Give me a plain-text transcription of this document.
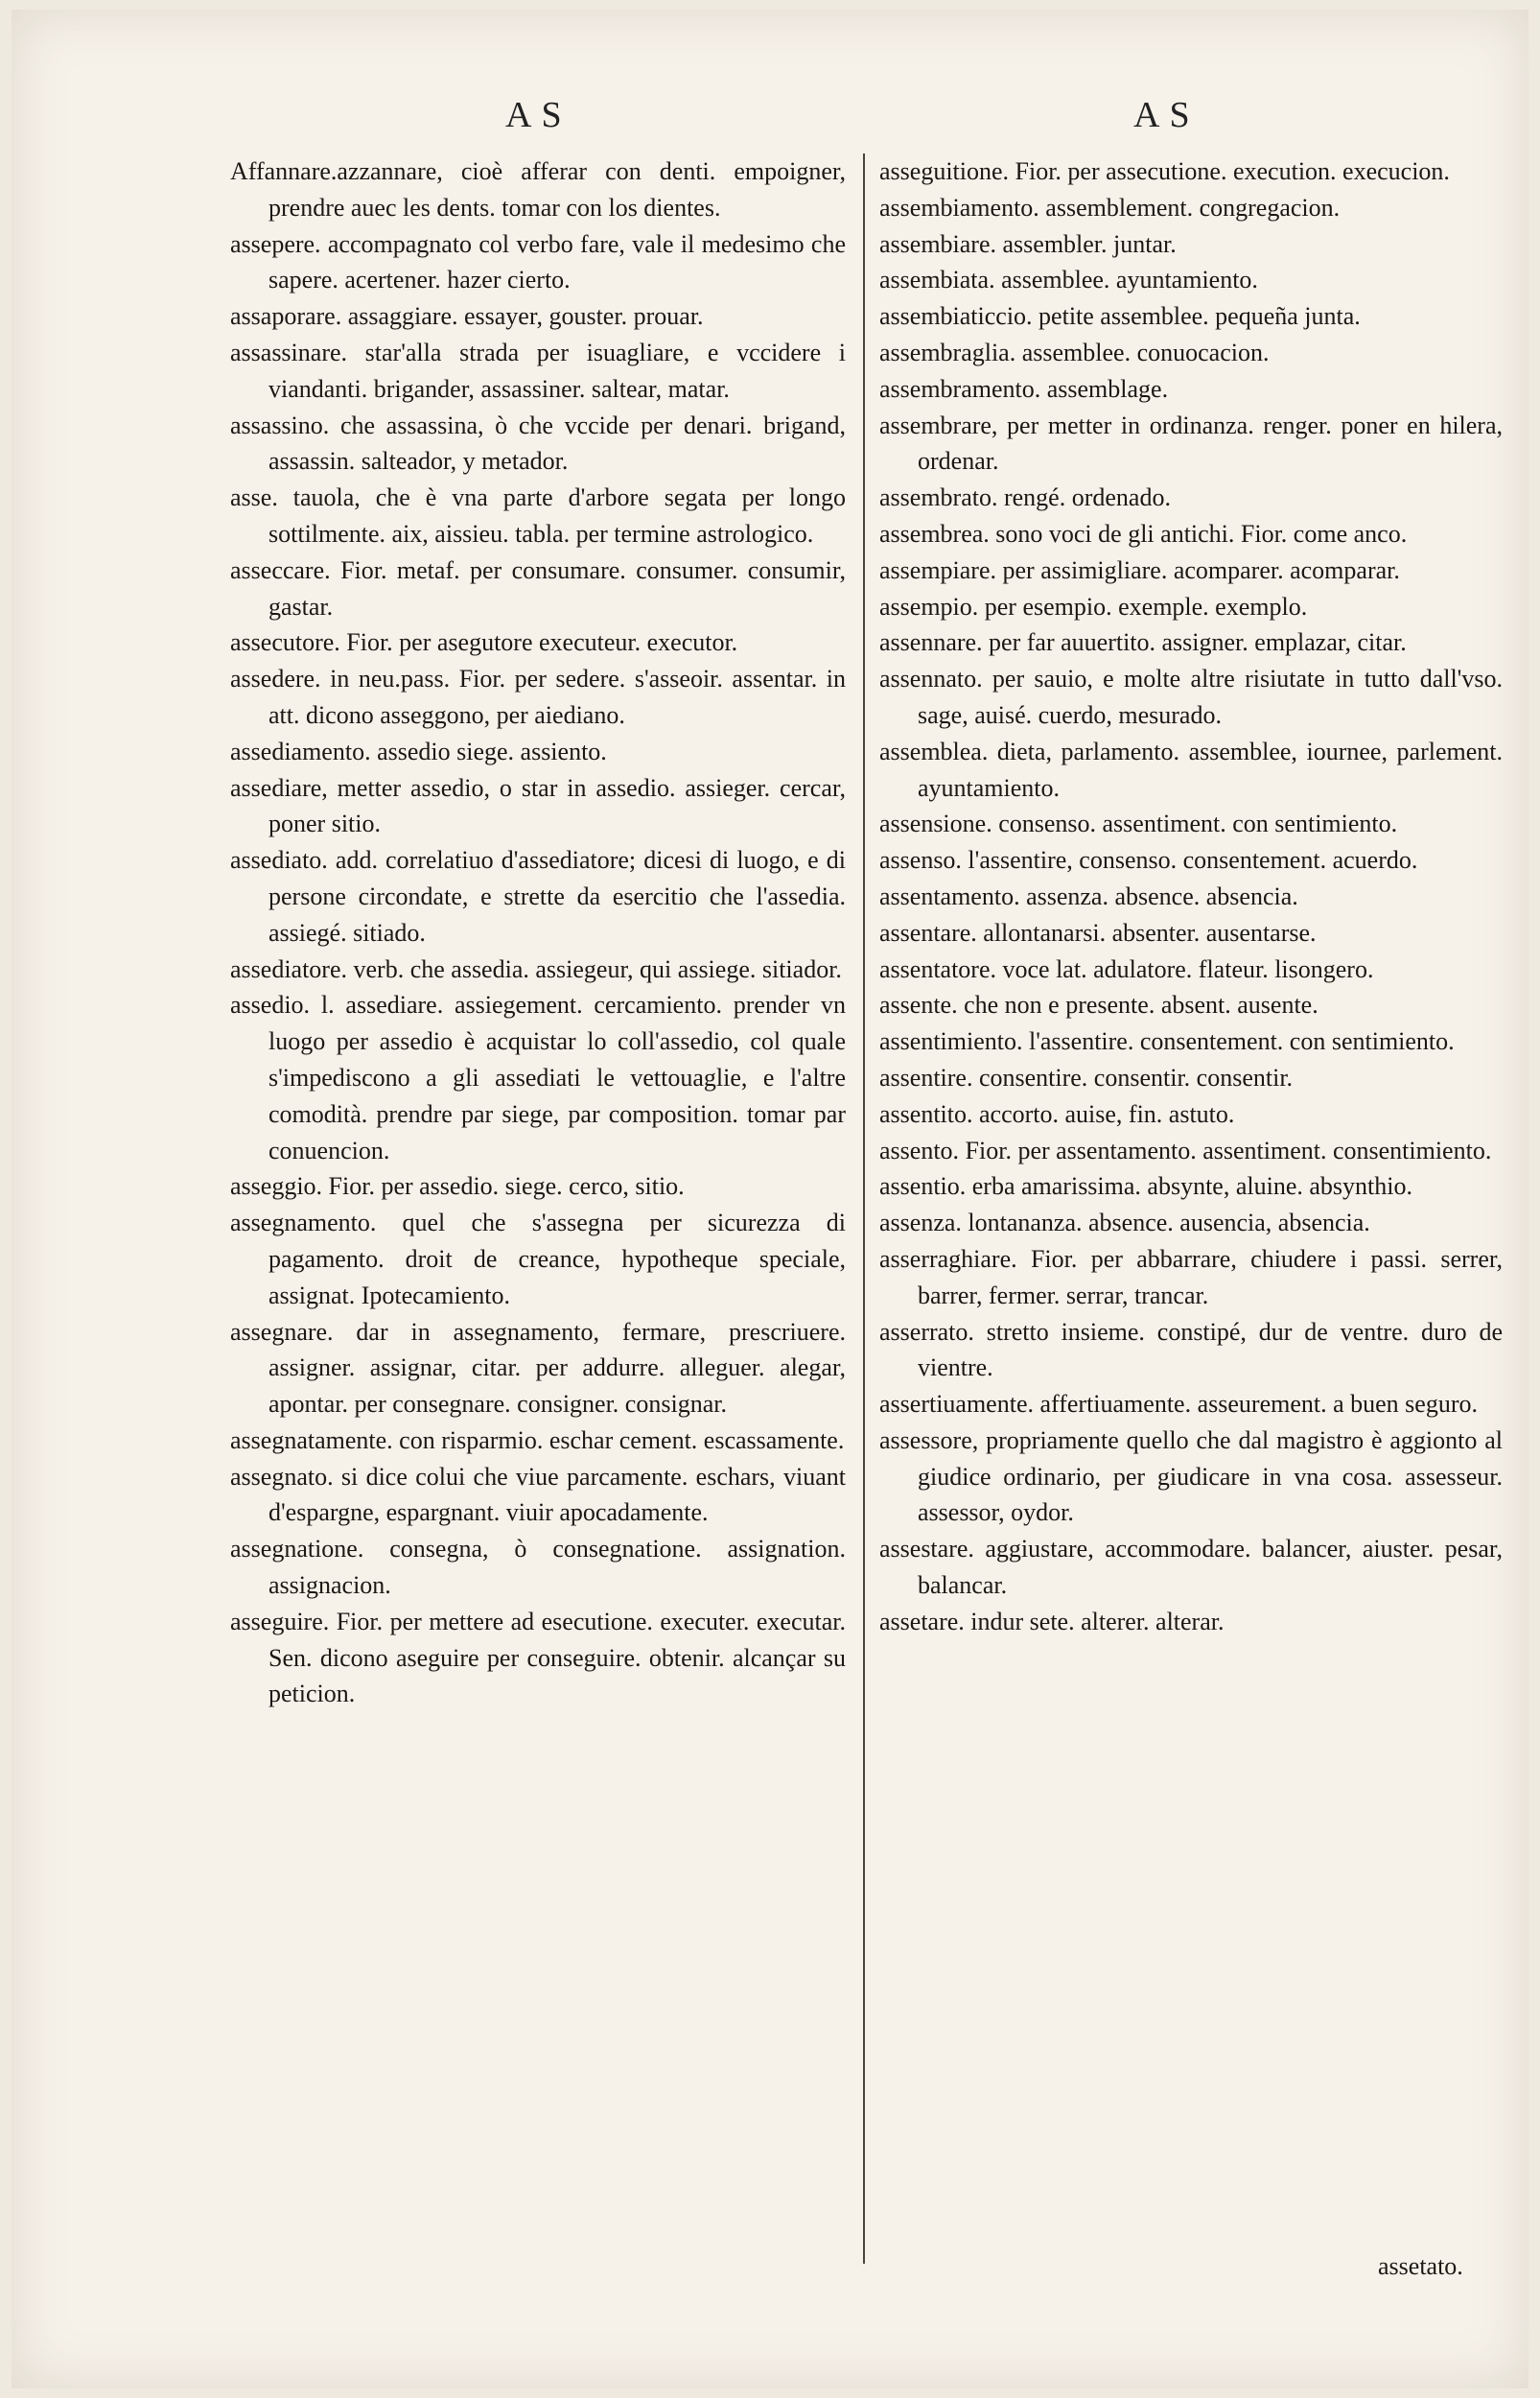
AS	AS

Affannare.azzannare, cioè afferar con denti. empoigner, prendre auec les dents. tomar con los dientes.

assepere. accompagnato col verbo fare, vale il medesimo che sapere. acertener. hazer cierto.

assaporare. assaggiare. essayer, gouster. prouar.

assassinare. star'alla strada per isuagliare, e vccidere i viandanti. brigander, assassiner. saltear, matar.

assassino. che assassina, ò che vccide per denari. brigand, assassin. salteador, y metador.

asse. tauola, che è vna parte d'arbore segata per longo sottilmente. aix, aissieu. tabla. per termine astrologico.

asseccare. Fior. metaf. per consumare. consumer. consumir, gastar.

assecutore. Fior. per asegutore executeur. executor.

assedere. in neu.pass. Fior. per sedere. s'asseoir. assentar. in att. dicono asseggono, per aiediano.

assediamento. assedio siege. assiento.

assediare, metter assedio, o star in assedio. assieger. cercar, poner sitio.

assediato. add. correlatiuo d'assediatore; dicesi di luogo, e di persone circondate, e strette da esercitio che l'assedia. assiegé. sitiado.

assediatore. verb. che assedia. assiegeur, qui assiege. sitiador.

assedio. l. assediare. assiegement. cercamiento. prender vn luogo per assedio è acquistar lo coll'assedio, col quale s'impediscono a gli assediati le vettouaglie, e l'altre comodità. prendre par siege, par composition. tomar par conuencion.

asseggio. Fior. per assedio. siege. cerco, sitio.

assegnamento. quel che s'assegna per sicurezza di pagamento. droit de creance, hypotheque speciale, assignat. Ipotecamiento.

assegnare. dar in assegnamento, fermare, prescriuere. assigner. assignar, citar. per addurre. alleguer. alegar, apontar. per consegnare. consigner. consignar.

assegnatamente. con risparmio. eschar cement. escassamente.

assegnato. si dice colui che viue parcamente. eschars, viuant d'espargne, espargnant. viuir apocadamente.

assegnatione. consegna, ò consegnatione. assignation. assignacion.

asseguire. Fior. per mettere ad esecutione. executer. executar. Sen. dicono aseguire per conseguire. obtenir. alcançar su peticion.

asseguitione. Fior. per assecutione. execution. execucion.

assembiamento. assemblement. congregacion.

assembiare. assembler. juntar.

assembiata. assemblee. ayuntamiento.

assembiaticcio. petite assemblee. pequeña junta.

assembraglia. assemblee. conuocacion.

assembramento. assemblage.

assembrare, per metter in ordinanza. renger. poner en hilera, ordenar.

assembrato. rengé. ordenado.

assembrea. sono voci de gli antichi. Fior. come anco.

assempiare. per assimigliare. acomparer. acomparar.

assempio. per esempio. exemple. exemplo.

assennare. per far auuertito. assigner. emplazar, citar.

assennato. per sauio, e molte altre risiutate in tutto dall'vso. sage, auisé. cuerdo, mesurado.

assemblea. dieta, parlamento. assemblee, iournee, parlement. ayuntamiento.

assensione. consenso. assentiment. con sentimiento.

assenso. l'assentire, consenso. consentement. acuerdo.

assentamento. assenza. absence. absencia.

assentare. allontanarsi. absenter. ausentarse.

assentatore. voce lat. adulatore. flateur. lisongero.

assente. che non e presente. absent. ausente.

assentimiento. l'assentire. consentement. con sentimiento.

assentire. consentire. consentir. consentir.

assentito. accorto. auise, fin. astuto.

assento. Fior. per assentamento. assentiment. consentimiento.

assentio. erba amarissima. absynte, aluine. absynthio.

assenza. lontananza. absence. ausencia, absencia.

asserraghiare. Fior. per abbarrare, chiudere i passi. serrer, barrer, fermer. serrar, trancar.

asserrato. stretto insieme. constipé, dur de ventre. duro de vientre.

assertiuamente. affertiuamente. asseurement. a buen seguro.

assessore, propriamente quello che dal magistro è aggionto al giudice ordinario, per giudicare in vna cosa. assesseur. assessor, oydor.

assestare. aggiustare, accommodare. balancer, aiuster. pesar, balancar.

assetare. indur sete. alterer. alterar.

assetato.
